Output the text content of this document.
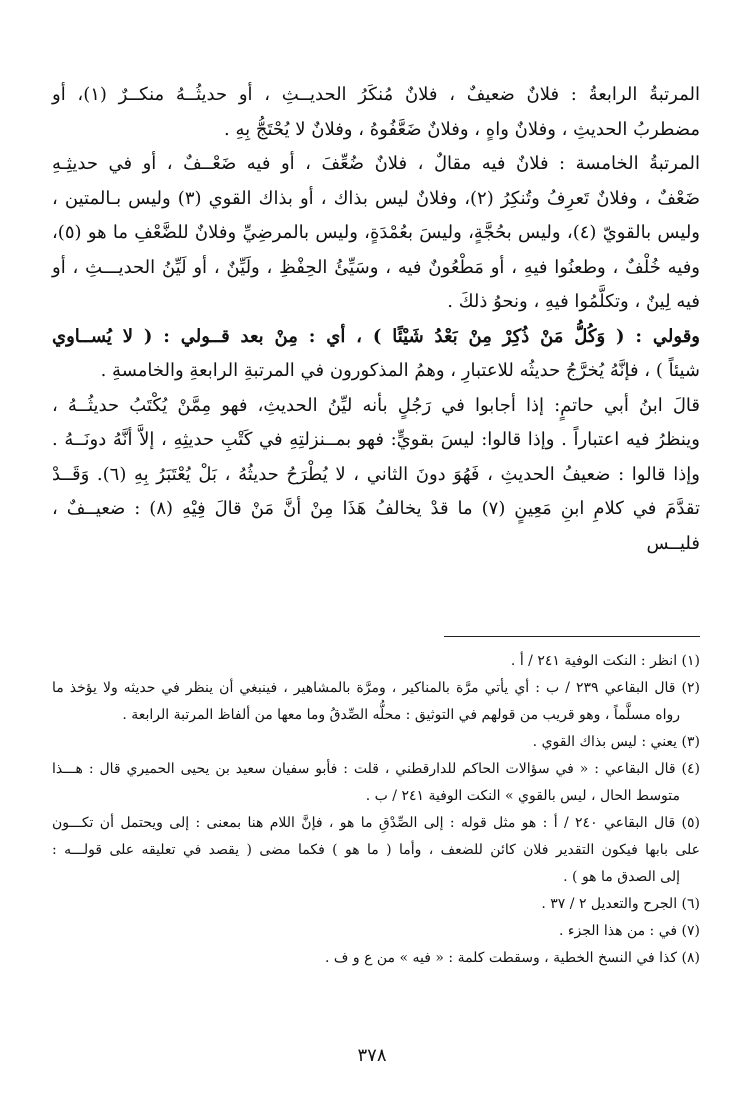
المرتبةُ الرابعةُ : فلانٌ ضعيفٌ ، فلانٌ مُنكَرُ الحديــثِ ، أو حديثُــهُ منكــرٌ (١)، أو

مضطربُ الحديثِ ، وفلانٌ واهٍ ، وفلانٌ ضَعَّفُوهُ ، وفلانٌ لا يُحْتَجُّ بِهِ .

المرتبةُ الخامسة : فلانٌ فيه مقالٌ ، فلانٌ ضُعِّفَ ، أو فيه ضَعْــفٌ ، أو في حديثِـهِ
ضَعْفٌ ، وفلانٌ تَعرِفُ وتُنكِرُ (٢)، وفلانٌ ليس بذاك ، أو بذاك القوي (٣) وليس بـالمتين ،
وليس بالقويّ (٤)، وليس بحُجَّةٍ، وليسَ بعُمْدَةٍ، وليس بالمرضِيِّ وفلانٌ للضَّعْفِ ما هو (٥)،
وفيه خُلْفٌ ، وطعنُوا فيهِ ، أو مَطْعُونٌ فيه ، وسَيِّئُ الحِفْظِ ، ولَيِّنٌ ، أو لَيِّنُ الحديـــثِ ، أو

فيه لِينٌ ، وتكلَّمُوا فيهِ ، ونحوُ ذلكَ .

وقولي : ( وَكُلُّ مَنْ ذُكِرْ مِنْ بَعْدُ شَيْئًا ) ، أي : مِنْ بعد قــولي : ( لا يُســاوي

شيئاً ) ، فإنَّهُ يُخرَّجُ حديثُه للاعتبارِ ، وهمُ المذكورون في المرتبةِ الرابعةِ والخامسةِ .

قالَ ابنُ أبي حاتمٍ: إذا أجابوا في رَجُلٍ بأنه ليِّنُ الحديثِ، فهو مِمَّنْ يُكْتَبُ حديثُــهُ ،
وينظرُ فيه اعتباراً . وإذا قالوا: ليسَ بقويٍّ: فهو بمــنزلتِهِ في كَتْبِ حديثِهِ ، إلاَّ أنَّهُ دونَــهُ .
وإذا قالوا : ضعيفُ الحديثِ ، فَهُوَ دونَ الثاني ، لا يُطْرَحُ حديثُهُ ، بَلْ يُعْتَبَرُ بِهِ (٦). وَقَــدْ
تقدَّمَ في كلامِ ابنِ مَعِينٍ (٧) ما قدْ يخالفُ هَذَا مِنْ أنَّ مَنْ قالَ فِيْهِ (٨) : ضعيــفٌ ، فليــس

(١) انظر : النكت الوفية ٢٤١ / أ .

(٢) قال البقاعي ٢٣٩ / ب : أي يأتي مرَّة بالمناكير ، ومرَّة بالمشاهير ، فينبغي أن ينظر في حديثه ولا يؤخذ ما

رواه مسلَّماً ، وهو قريب من قولهم في التوثيق : محلُّه الصِّدقُ وما معها من ألفاظ المرتبة الرابعة .

(٣) يعني : ليس بذاك القوي .

(٤) قال البقاعي : « في سؤالات الحاكم للدارقطني ، قلت : فأبو سفيان سعيد بن يحيى الحميري قال : هـــذا

متوسط الحال ، ليس بالقوي » النكت الوفية ٢٤١ / ب .

(٥) قال البقاعي ٢٤٠ / أ : هو مثل قوله : إلى الصِّدْقِ ما هو ، فإنَّ اللام هنا بمعنى : إلى ويحتمل أن تكـــون
على بابها فيكون التقدير فلان كائن للضعف ، وأما ( ما هو ) فكما مضى ( يقصد في تعليقه على قولـــه :

إلى الصدق ما هو ) .

(٦) الجرح والتعديل ٢ / ٣٧ .

(٧) في : من هذا الجزء .

(٨) كذا في النسخ الخطية ، وسقطت كلمة : « فيه » من ع و ف .

٣٧٨
